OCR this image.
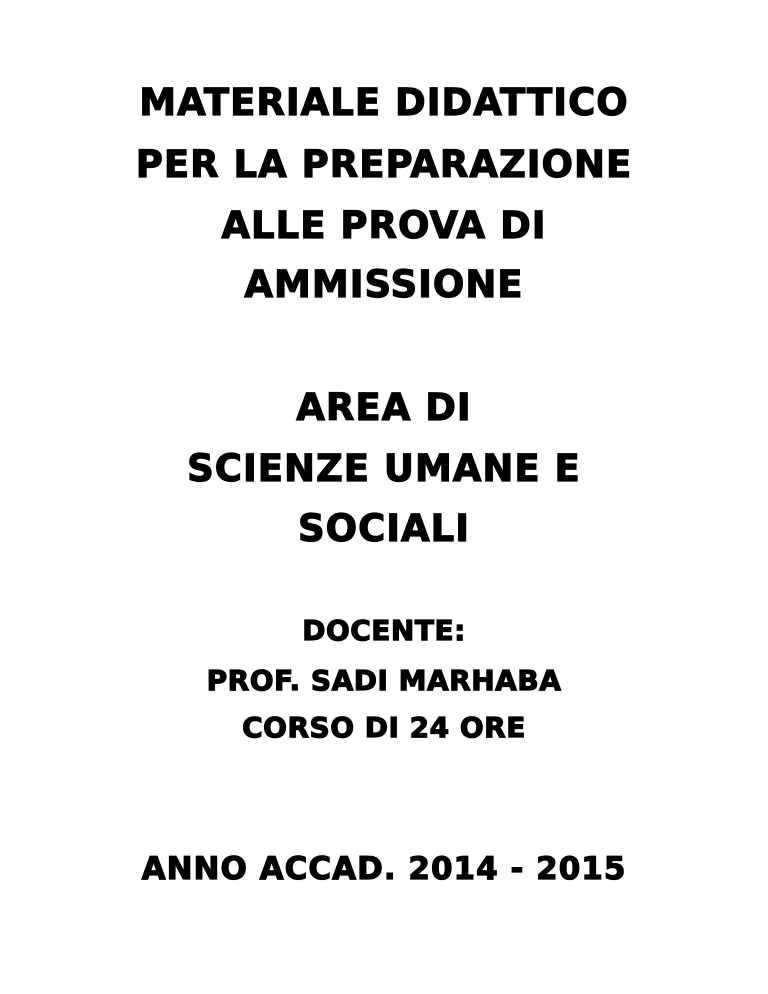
MATERIALE DIDATTICO
PER LA PREPARAZIONE
ALLE PROVA DI
AMMISSIONE
AREA DI
SCIENZE UMANE E
SOCIALI
DOCENTE:
PROF. SADI MARHABA
CORSO DI 24 ORE
ANNO ACCAD. 2014 - 2015
